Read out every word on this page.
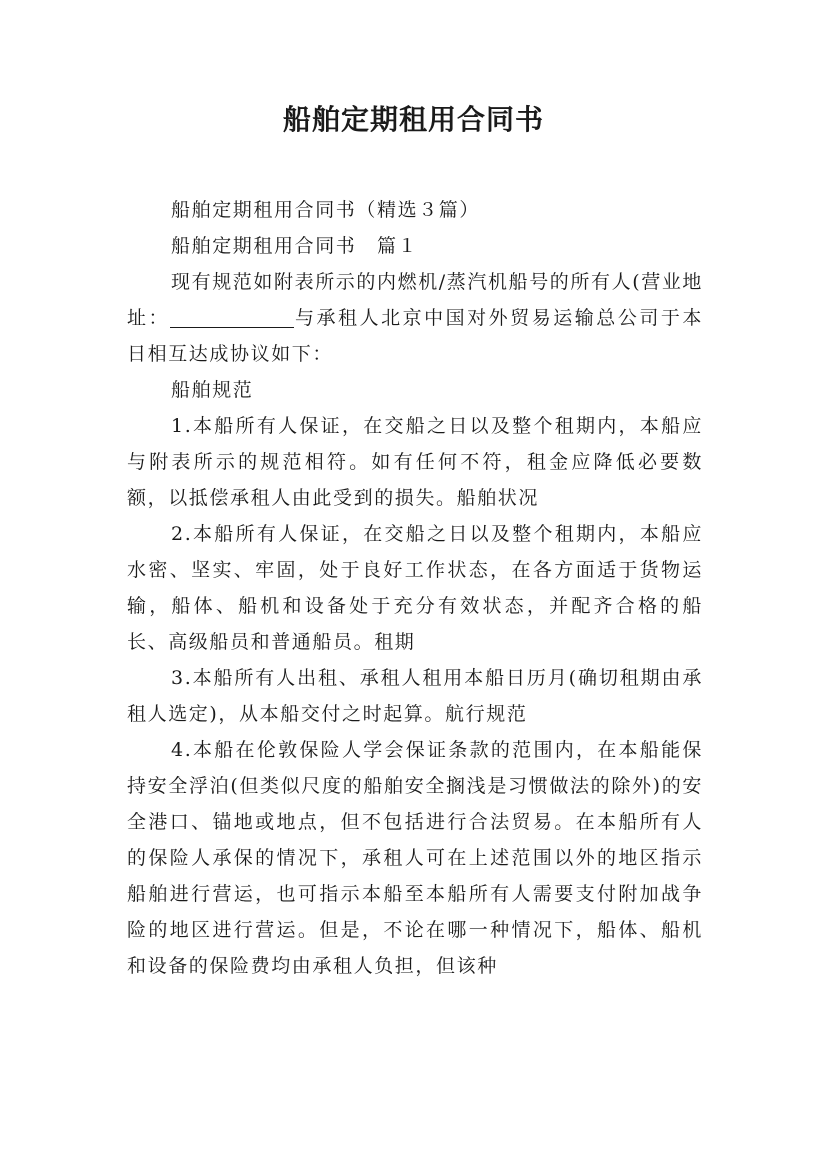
船舶定期租用合同书

船舶定期租用合同书（精选３篇）

船舶定期租用合同书　篇１

现有规范如附表所示的内燃机/蒸汽机船号的所有人(营业地址：	与承租人北京中国对外贸易运输总公司于本日相互达成协议如下：

船舶规范

1.本船所有人保证，在交船之日以及整个租期内，本船应与附表所示的规范相符。如有任何不符，租金应降低必要数额，以抵偿承租人由此受到的损失。船舶状况

2.本船所有人保证，在交船之日以及整个租期内，本船应水密、坚实、牢固，处于良好工作状态，在各方面适于货物运输，船体、船机和设备处于充分有效状态，并配齐合格的船长、高级船员和普通船员。租期

3.本船所有人出租、承租人租用本船日历月(确切租期由承租人选定)，从本船交付之时起算。航行规范

4.本船在伦敦保险人学会保证条款的范围内，在本船能保持安全浮泊(但类似尺度的船舶安全搁浅是习惯做法的除外)的安全港口、锚地或地点，但不包括进行合法贸易。在本船所有人的保险人承保的情况下，承租人可在上述范围以外的地区指示船舶进行营运，也可指示本船至本船所有人需要支付附加战争险的地区进行营运。但是，不论在哪一种情况下，船体、船机和设备的保险费均由承租人负担，但该种
